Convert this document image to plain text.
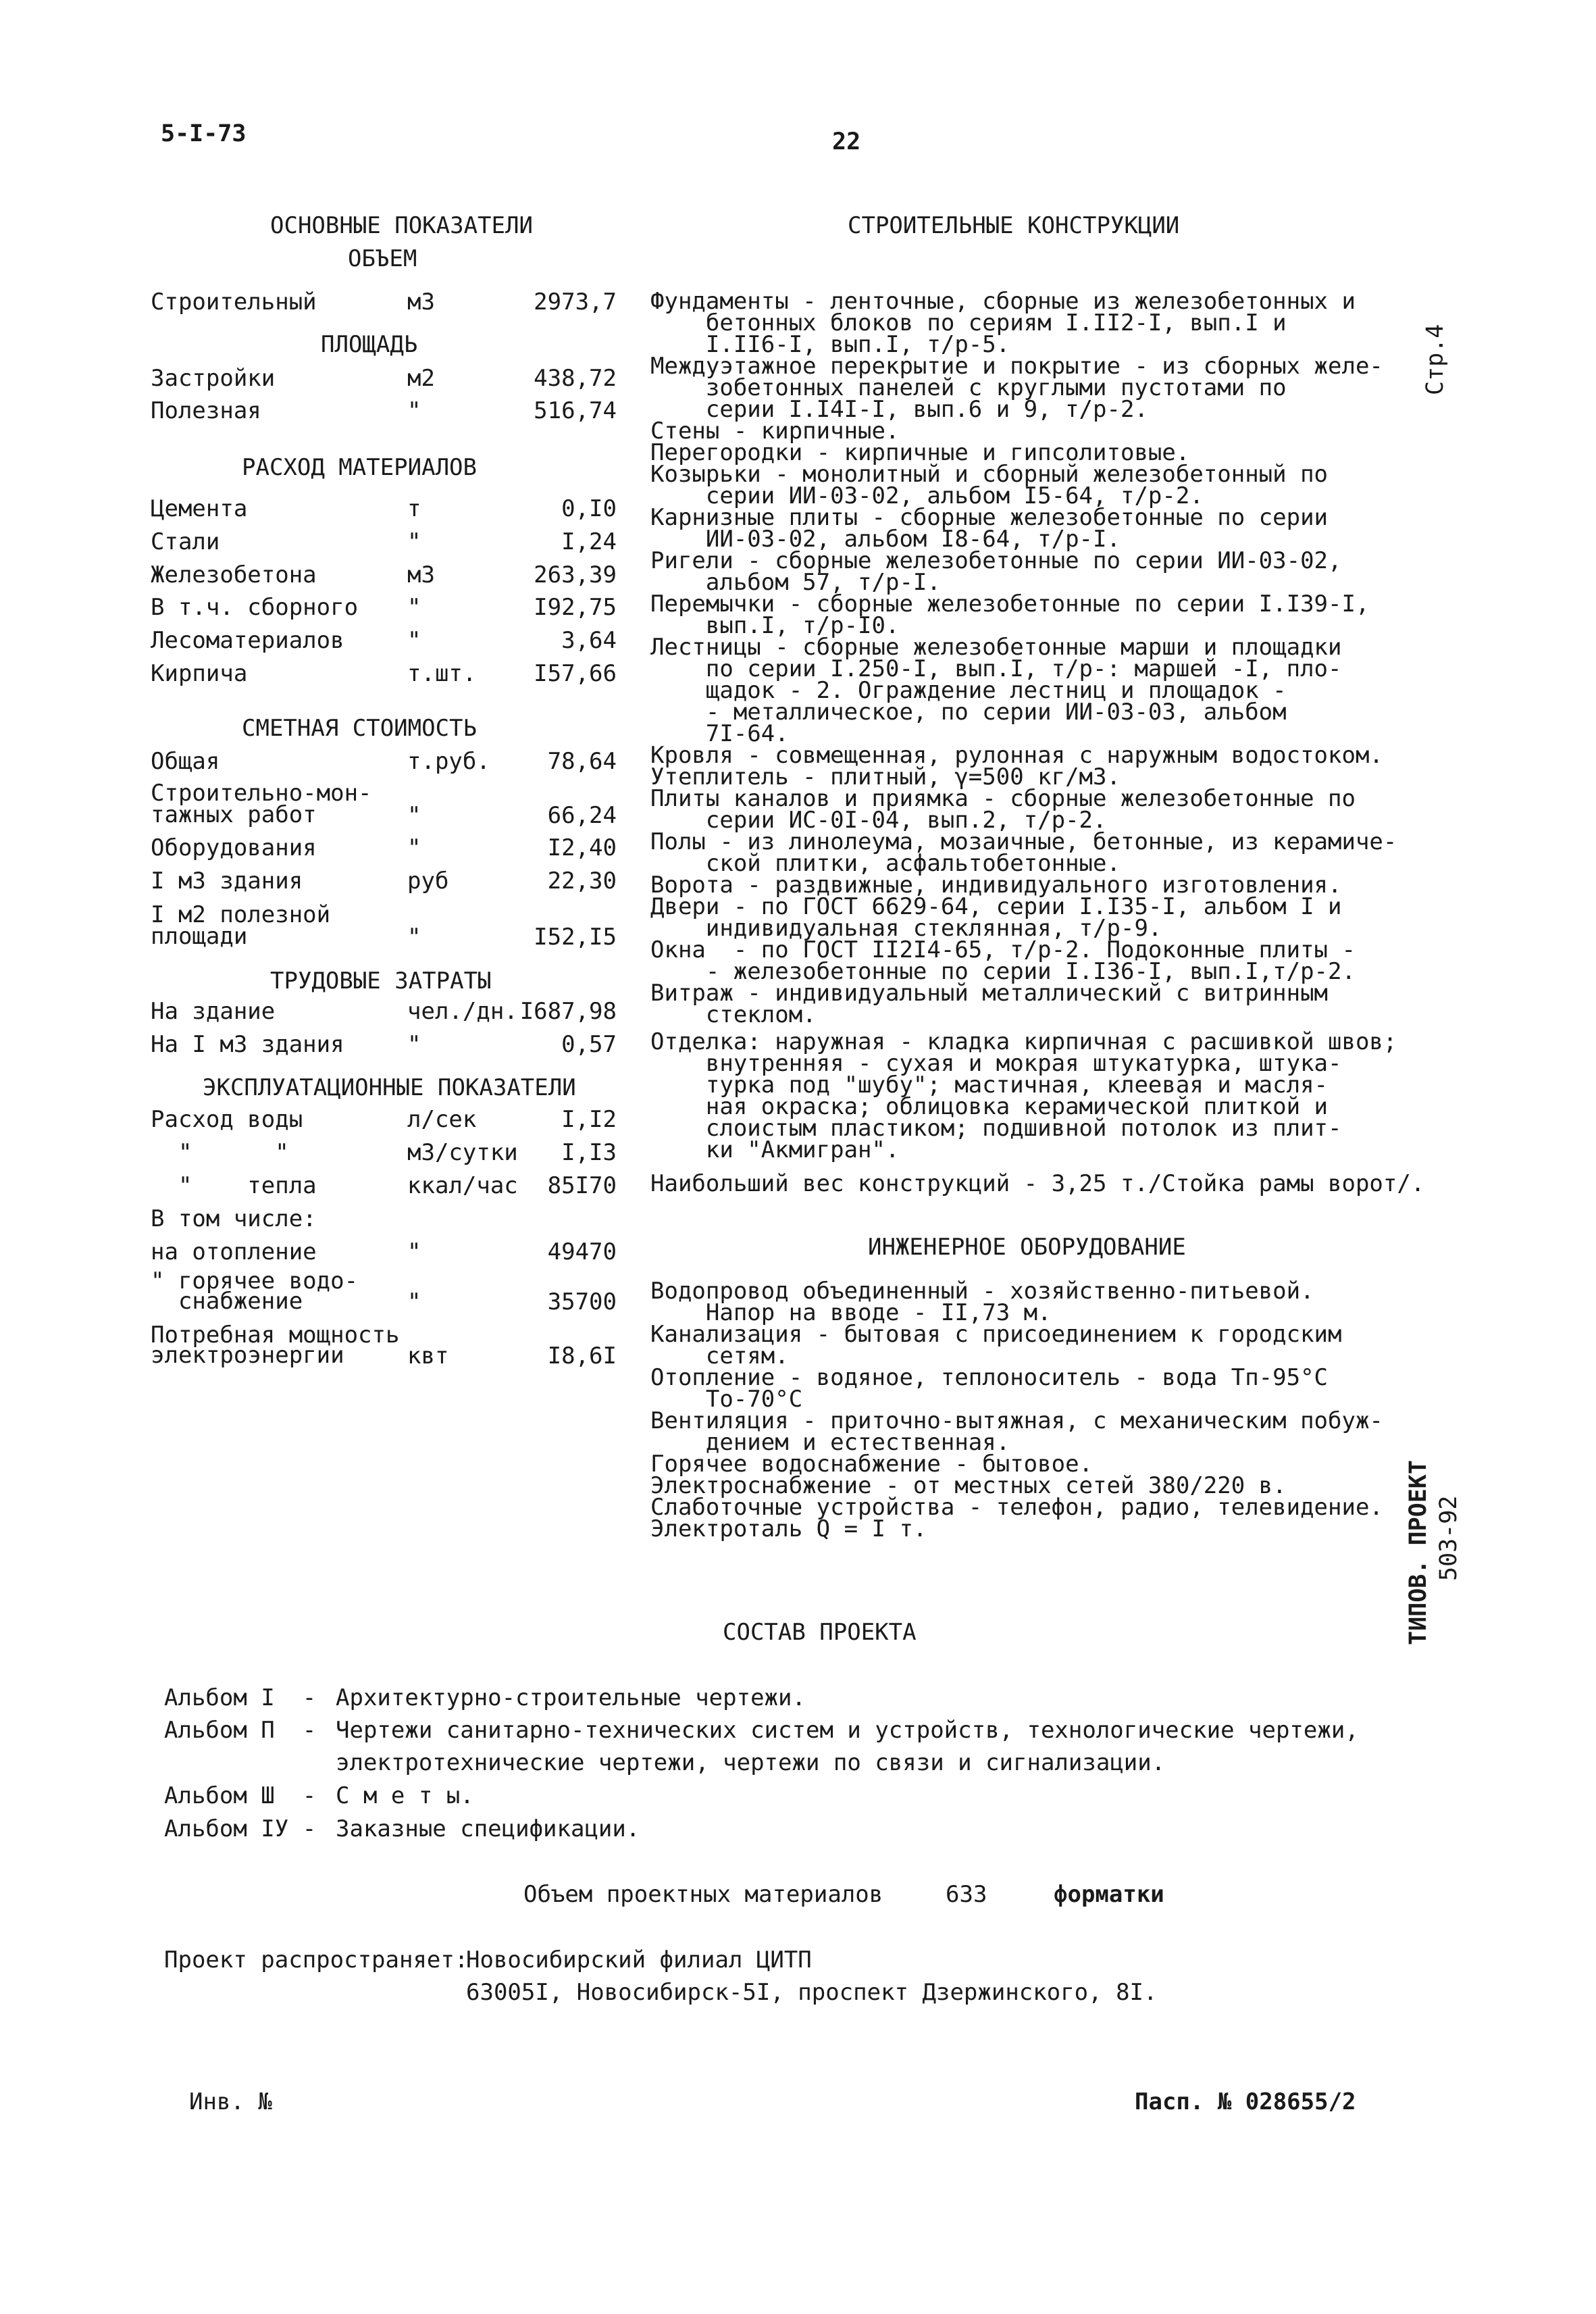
5-I-73	22
Стр.4
ТИПОВ. ПРОЕКТ 503-92
ОСНОВНЫЕ ПОКАЗАТЕЛИ
ОБЪЕМ
Строительный	м3	2973,7
ПЛОЩАДЬ
Застройки	м2	438,72
Полезная	"	516,74
РАСХОД МАТЕРИАЛОВ
Цемента	т	0,I0
Стали	"	I,24
Железобетона	м3	263,39
В т.ч. сборного "	I92,75
Лесоматериалов	"	3,64
Кирпича	т.шт. I57,66
СМЕТНАЯ СТОИМОСТЬ
Общая	т.руб. 78,64
Строительно-мон-
тажных работ	"	66,24
Оборудования	"	I2,40
I м3 здания	руб	22,30
I м2 полезной
площади	"	I52,I5
ТРУДОВЫЕ ЗАТРАТЫ
На здание	чел./дн. I687,98
На I м3 здания	"	0,57
ЭКСПЛУАТАЦИОННЫЕ ПОКАЗАТЕЛИ
Расход воды	л/сек	I,I2
"      "	м3/сутки I,I3
"    тепла	ккал/час 85I70
В том числе:
на отопление	"	49470
" горячее водо-
снабжение	"	35700
Потребная мощность
электроэнергии	квт	I8,6I
СТРОИТЕЛЬНЫЕ КОНСТРУКЦИИ
Фундаменты - ленточные, сборные из железобетонных и
бетонных блоков по сериям I.II2-I, вып.I и
I.II6-I, вып.I, т/р-5.
Междуэтажное перекрытие и покрытие - из сборных желе-
зобетонных панелей с круглыми пустотами по
серии I.I4I-I, вып.6 и 9, т/р-2.
Стены - кирпичные.
Перегородки - кирпичные и гипсолитовые.
Козырьки - монолитный и сборный железобетонный по
серии ИИ-03-02, альбом I5-64, т/р-2.
Карнизные плиты - сборные железобетонные по серии
ИИ-03-02, альбом I8-64, т/р-I.
Ригели - сборные железобетонные по серии ИИ-03-02,
альбом 57, т/р-I.
Перемычки - сборные железобетонные по серии I.I39-I,
вып.I, т/р-I0.
Лестницы - сборные железобетонные марши и площадки
по серии I.250-I, вып.I, т/р-: маршей -I, пло-
щадок - 2. Ограждение лестниц и площадок -
- металлическое, по серии ИИ-03-03, альбом
7I-64.
Кровля - совмещенная, рулонная с наружным водостоком.
Утеплитель - плитный, γ=500 кг/м3.
Плиты каналов и приямка - сборные железобетонные по
серии ИС-0I-04, вып.2, т/р-2.
Полы - из линолеума, мозаичные, бетонные, из керамиче-
ской плитки, асфальтобетонные.
Ворота - раздвижные, индивидуального изготовления.
Двери - по ГОСТ 6629-64, серии I.I35-I, альбом I и
индивидуальная стеклянная, т/р-9.
Окна  - по ГОСТ II2I4-65, т/р-2. Подоконные плиты -
- железобетонные по серии I.I36-I, вып.I,т/р-2.
Витраж - индивидуальный металлический с витринным
стеклом.
Отделка: наружная - кладка кирпичная с расшивкой швов;
внутренняя - сухая и мокрая штукатурка, штука-
турка под "шубу"; мастичная, клеевая и масля-
ная окраска; облицовка керамической плиткой и
слоистым пластиком; подшивной потолок из плит-
ки "Акмигран".
Наибольший вес конструкций - 3,25 т./Стойка рамы ворот/.
ИНЖЕНЕРНОЕ ОБОРУДОВАНИЕ
Водопровод объединенный - хозяйственно-питьевой.
Напор на вводе - II,73 м.
Канализация - бытовая с присоединением к городским
сетям.
Отопление - водяное, теплоноситель - вода Тп-95°С
То-70°С
Вентиляция - приточно-вытяжная, с механическим побуж-
дением и естественная.
Горячее водоснабжение - бытовое.
Электроснабжение - от местных сетей 380/220 в.
Слаботочные устройства - телефон, радио, телевидение.
Электроталь Q = I т.
СОСТАВ ПРОЕКТА
Альбом I  - Архитектурно-строительные чертежи.
Альбом П  - Чертежи санитарно-технических систем и устройств, технологические чертежи,
электротехнические чертежи, чертежи по связи и сигнализации.
Альбом Ш  - С м е т ы.
Альбом IУ - Заказные спецификации.
Объем проектных материалов	633	форматки
Проект распространяет:
Новосибирский филиал ЦИТП
63005I, Новосибирск-5I, проспект Дзержинского, 8I.
Инв. №	Пасп. № 028655/2
